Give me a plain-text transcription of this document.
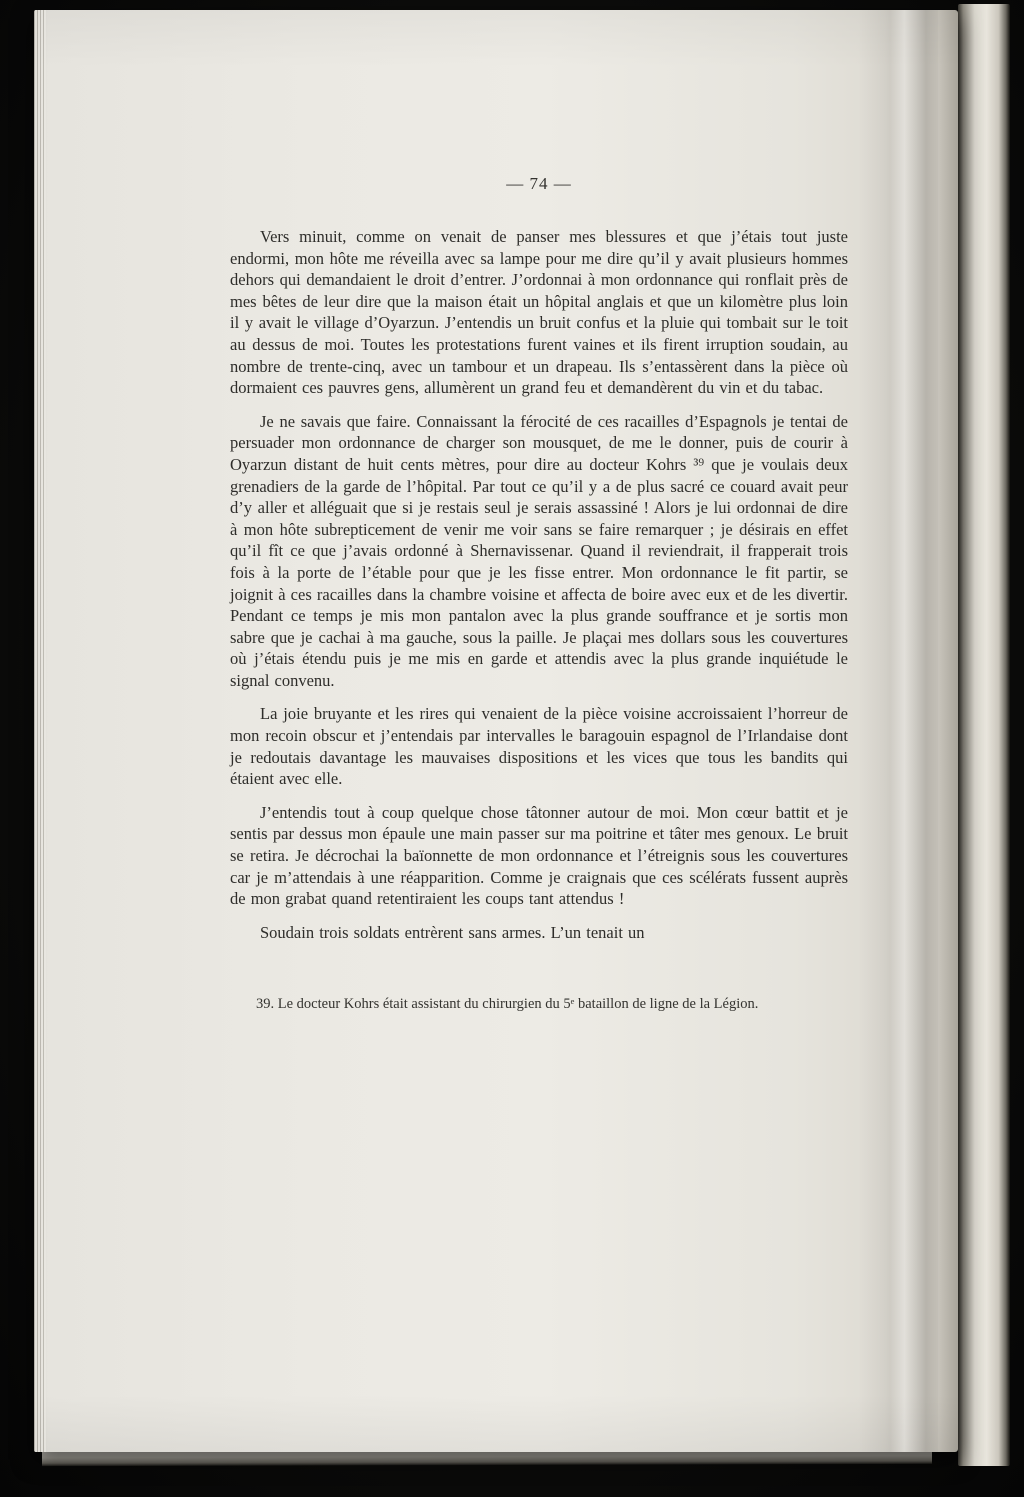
— 74 —

Vers minuit, comme on venait de panser mes blessures et que j’étais tout juste endormi, mon hôte me réveilla avec sa lampe pour me dire qu’il y avait plusieurs hommes dehors qui demandaient le droit d’entrer. J’ordonnai à mon ordonnance qui ronflait près de mes bêtes de leur dire que la maison était un hôpital anglais et que un kilomètre plus loin il y avait le village d’Oyarzun. J’entendis un bruit confus et la pluie qui tombait sur le toit au dessus de moi. Toutes les protestations furent vaines et ils firent irruption soudain, au nombre de trente-cinq, avec un tambour et un drapeau. Ils s’entassèrent dans la pièce où dormaient ces pauvres gens, allumèrent un grand feu et demandèrent du vin et du tabac.

Je ne savais que faire. Connaissant la férocité de ces racailles d’Espagnols je tentai de persuader mon ordonnance de charger son mousquet, de me le donner, puis de courir à Oyarzun distant de huit cents mètres, pour dire au docteur Kohrs ³⁹ que je voulais deux grenadiers de la garde de l’hôpital. Par tout ce qu’il y a de plus sacré ce couard avait peur d’y aller et alléguait que si je restais seul je serais assassiné ! Alors je lui ordonnai de dire à mon hôte subrepticement de venir me voir sans se faire remarquer ; je désirais en effet qu’il fît ce que j’avais ordonné à Shernavissenar. Quand il reviendrait, il frapperait trois fois à la porte de l’étable pour que je les fisse entrer. Mon ordonnance le fit partir, se joignit à ces racailles dans la chambre voisine et affecta de boire avec eux et de les divertir. Pendant ce temps je mis mon pantalon avec la plus grande souffrance et je sortis mon sabre que je cachai à ma gauche, sous la paille. Je plaçai mes dollars sous les couvertures où j’étais étendu puis je me mis en garde et attendis avec la plus grande inquiétude le signal convenu.

La joie bruyante et les rires qui venaient de la pièce voisine accroissaient l’horreur de mon recoin obscur et j’entendais par intervalles le baragouin espagnol de l’Irlandaise dont je redoutais davantage les mauvaises dispositions et les vices que tous les bandits qui étaient avec elle.

J’entendis tout à coup quelque chose tâtonner autour de moi. Mon cœur battit et je sentis par dessus mon épaule une main passer sur ma poitrine et tâter mes genoux. Le bruit se retira. Je décrochai la baïonnette de mon ordonnance et l’étreignis sous les couvertures car je m’attendais à une réapparition. Comme je craignais que ces scélérats fussent auprès de mon grabat quand retentiraient les coups tant attendus !

Soudain trois soldats entrèrent sans armes. L’un tenait un

39. Le docteur Kohrs était assistant du chirurgien du 5ᵉ bataillon de ligne de la Légion.
